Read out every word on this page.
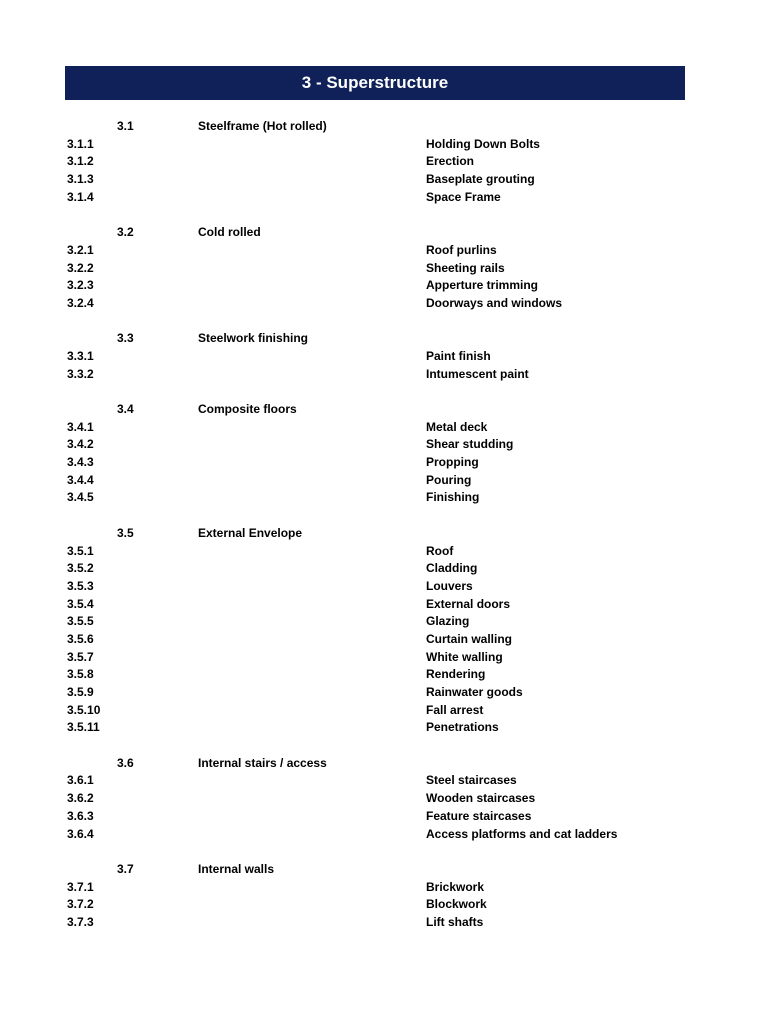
3 - Superstructure
3.1	Steelframe (Hot rolled)
3.1.1	Holding Down Bolts
3.1.2	Erection
3.1.3	Baseplate grouting
3.1.4	Space Frame
3.2	Cold rolled
3.2.1	Roof purlins
3.2.2	Sheeting rails
3.2.3	Apperture trimming
3.2.4	Doorways and windows
3.3	Steelwork finishing
3.3.1	Paint finish
3.3.2	Intumescent paint
3.4	Composite floors
3.4.1	Metal deck
3.4.2	Shear studding
3.4.3	Propping
3.4.4	Pouring
3.4.5	Finishing
3.5	External Envelope
3.5.1	Roof
3.5.2	Cladding
3.5.3	Louvers
3.5.4	External doors
3.5.5	Glazing
3.5.6	Curtain walling
3.5.7	White walling
3.5.8	Rendering
3.5.9	Rainwater goods
3.5.10	Fall arrest
3.5.11	Penetrations
3.6	Internal stairs / access
3.6.1	Steel staircases
3.6.2	Wooden staircases
3.6.3	Feature staircases
3.6.4	Access platforms and cat ladders
3.7	Internal walls
3.7.1	Brickwork
3.7.2	Blockwork
3.7.3	Lift shafts
